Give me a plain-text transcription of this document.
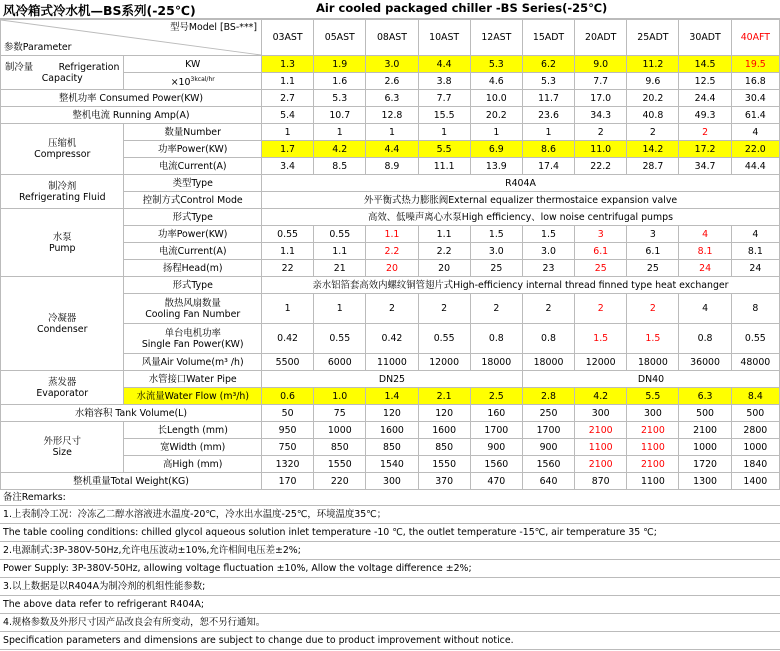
风冷箱式冷水机—BS系列(-25℃)	Air cooled packaged chiller -BS Series(-25℃)
型号Model [BS-***]
参数Parameter		03AST	05AST	08AST	10AST	12AST	15ADT	20ADT	25ADT	30ADT	40AFT

制冷量 Refrigeration
Capacity	KW	1.3	1.9	3.0	4.4	5.3	6.2	9.0	11.2	14.5	19.5
	$\times 10^{3kcal/hr}$	1.1	1.6	2.6	3.8	4.6	5.3	7.7	9.6	12.5	16.8
整机功率 Consumed Power(KW)		2.7	5.3	6.3	7.7	10.0	11.7	17.0	20.2	24.4	30.4
整机电流 Running Amp(A)		5.4	10.7	12.8	15.5	20.2	23.6	34.3	40.8	49.3	61.4
压缩机
Compressor	数量Number	1	1	1	1	1	1	2	2	2	4
	功率Power(KW)	1.7	4.2	4.4	5.5	6.9	8.6	11.0	14.2	17.2	22.0
	电流Current(A)	3.4	8.5	8.9	11.1	13.9	17.4	22.2	28.7	34.7	44.4
制冷剂
Refrigerating Fluid	类型Type	R404A									
	控制方式Control Mode	外平衡式热力膨胀阀External equalizer thermostaice expansion valve									
水泵
Pump	形式Type	高效、低噪声离心水泵High efficiency、low noise centrifugal pumps									
	功率Power(KW)	0.55	0.55	1.1	1.1	1.5	1.5	3	3	4	4
	电流Current(A)	1.1	1.1	2.2	2.2	3.0	3.0	6.1	6.1	8.1	8.1
	扬程Head(m)	22	21	20	20	25	23	25	25	24	24
冷凝器
Condenser	形式Type	亲水铝箔套高效内螺纹铜管翅片式High-efficiency internal thread finned type heat exchanger									
	散热风扇数量
Cooling Fan Number	1	1	2	2	2	2	2	2	4	8
	单台电机功率
Single Fan Power(KW)	0.42	0.55	0.42	0.55	0.8	0.8	1.5	1.5	0.8	0.55
	风量Air Volume(m³ /h)	5500	6000	11000	12000	18000	18000	12000	18000	36000	48000
蒸发器
Evaporator	水管接口Water Pipe	DN25					DN40				
	水流量Water Flow (m³/h)	0.6	1.0	1.4	2.1	2.5	2.8	4.2	5.5	6.3	8.4
水箱容积 Tank Volume(L)		50	75	120	120	160	250	300	300	500	500
外形尺寸
Size	长Length (mm)	950	1000	1600	1600	1700	1700	2100	2100	2100	2800
	宽Width (mm)	750	850	850	850	900	900	1100	1100	1000	1000
	高High (mm)	1320	1550	1540	1550	1560	1560	2100	2100	1720	1840
整机重量Total Weight(KG)		170	220	300	370	470	640	870	1100	1300	1400
备注Remarks:
1.上表制冷工况：冷冻乙二醇水溶液进水温度-20℃，冷水出水温度-25℃，环境温度35℃；
The table cooling conditions: chilled glycol aqueous solution inlet temperature -10 ℃, the outlet temperature -15℃, air temperature 35 ℃;
2.电源制式:3P-380V-50Hz,允许电压波动±10%,允许相间电压差±2%;
Power Supply: 3P-380V-50Hz, allowing voltage fluctuation ±10%, Allow the voltage difference ±2%;
3.以上数据是以R404A为制冷剂的机组性能参数;
The above data refer to refrigerant R404A;
4.规格参数及外形尺寸因产品改良会有所变动，恕不另行通知。
Specification parameters and dimensions are subject to change due to product improvement without notice.
